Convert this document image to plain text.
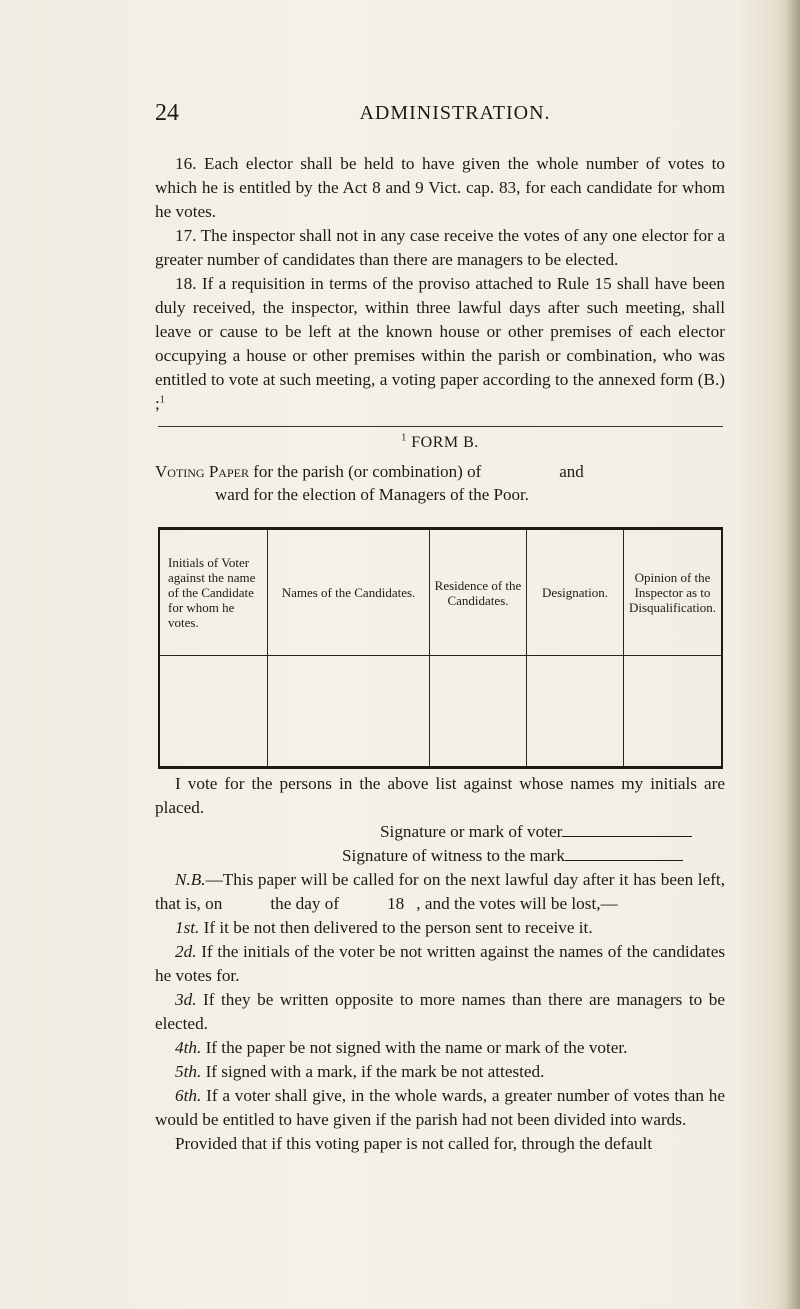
24	ADMINISTRATION.

16. Each elector shall be held to have given the whole number of votes to which he is entitled by the Act 8 and 9 Vict. cap. 83, for each candidate for whom he votes.

17. The inspector shall not in any case receive the votes of any one elector for a greater number of candidates than there are managers to be elected.

18. If a requisition in terms of the proviso attached to Rule 15 shall have been duly received, the inspector, within three lawful days after such meeting, shall leave or cause to be left at the known house or other premises of each elector occupying a house or other premises within the parish or combination, who was entitled to vote at such meeting, a voting paper according to the annexed form (B.) ;$^1$

$^1$ FORM B.
Voting Paper for the parish (or combination) of	and
ward for the election of Managers of the Poor.
Initials of Voter against the name of the Candidate for whom he votes.	Names of the Candidates.	Residence of the Candidates.	Designation.	Opinion of the Inspector as to Disqualification.

I vote for the persons in the above list against whose names my initials are placed.

Signature or mark of voter

Signature of witness to the mark

N.B.—This paper will be called for on the next lawful day after it has been left, that is, on	the day of	18 , and the votes will be lost,—

1st. If it be not then delivered to the person sent to receive it.

2d. If the initials of the voter be not written against the names of the candidates he votes for.

3d. If they be written opposite to more names than there are managers to be elected.

4th. If the paper be not signed with the name or mark of the voter.

5th. If signed with a mark, if the mark be not attested.

6th. If a voter shall give, in the whole wards, a greater number of votes than he would be entitled to have given if the parish had not been divided into wards.

Provided that if this voting paper is not called for, through the default
